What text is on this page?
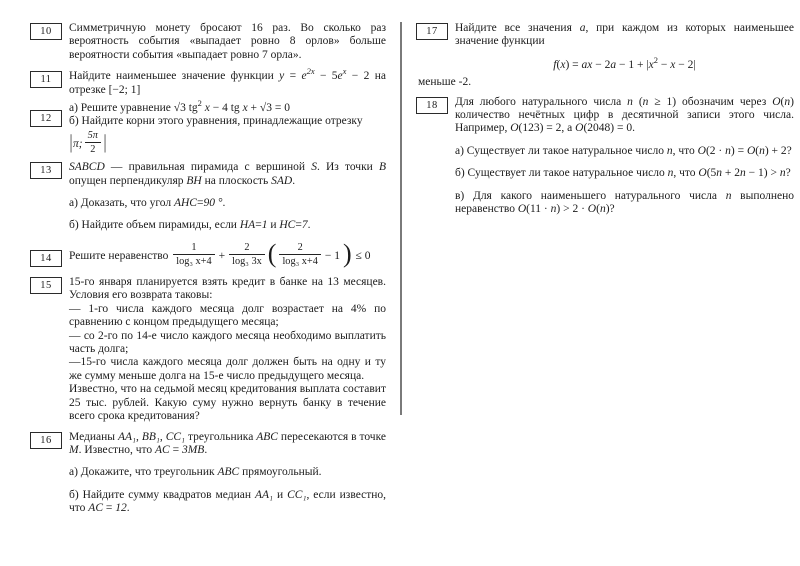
10	Симметричную монету бросают 16 раз. Во сколько раз вероятность события «выпадает ровно 8 орлов» больше вероятности события «выпадает ровно 7 орла».
11	Найдите наименьшее значение функции $y = e^{2x} - 5e^x - 2$ на отрезке [−2; 1]
12
а) Решите уравнение √3 $tg^2$ x − 4 tg x + √3 = 0
б) Найдите корни этого уравнения, принадлежащие отрезку
|π; $\frac{5\pi}{2}$ |
13	SABCD — правильная пирамида с вершиной S. Из точки B опущен перпендикуляр BH на плоскость SAD.
а) Доказать, что угол AHC=90 °.
б) Найдите объем пирамиды, если HA=1 и HC=7.
14	Решите неравенство $\frac{1}{\text{log₃ x+4}} + \frac{2}{\text{log₃ 3x}}$ ( $\frac{2}{\text{log₃ x+4}} - 1$ ) ≤ 0
15	15-го января планируется взять кредит в банке на 13 месяцев. Условия его возврата таковы:
— 1-го числа каждого месяца долг возрастает на 4% по сравнению с концом предыдущего месяца;
— со 2-го по 14-е число каждого месяца необходимо выплатить часть долга;
—15-го числа каждого месяца долг должен быть на одну и ту же сумму меньше долга на 15-е число предыдущего месяца.
Известно, что на седьмой месяц кредитования выплата составит 25 тыс. рублей. Какую суму нужно вернуть банку в течение всего срока кредитования?
16	Медианы AA₁, BB₁, CC₁ треугольника ABC пересекаются в точке M. Известно, что AC = 3MB.
а) Докажите, что треугольник ABC прямоугольный.
б) Найдите сумму квадратов медиан AA₁ и CC₁, если известно, что AC = 12.
17	Найдите все значения a, при каждом из которых наименьшее значение функции
f(x) = ax − $2a - 1 + |x^2 - x - 2|$
меньше -2.
18	Для любого натурального числа n (n ≥ 1) обозначим через O(n) количество нечётных цифр в десятичной записи этого числа. Например, O(123) = 2, а O(2048) = 0.
а) Существует ли такое натуральное число n, что O(2 · n) = O(n) + 2?
б) Существует ли такое натуральное число n, что O(5n + 2n − 1) > n?
в) Для какого наименьшего натурального числа n выполнено неравенство O(11 · n) > 2 · O(n)?
